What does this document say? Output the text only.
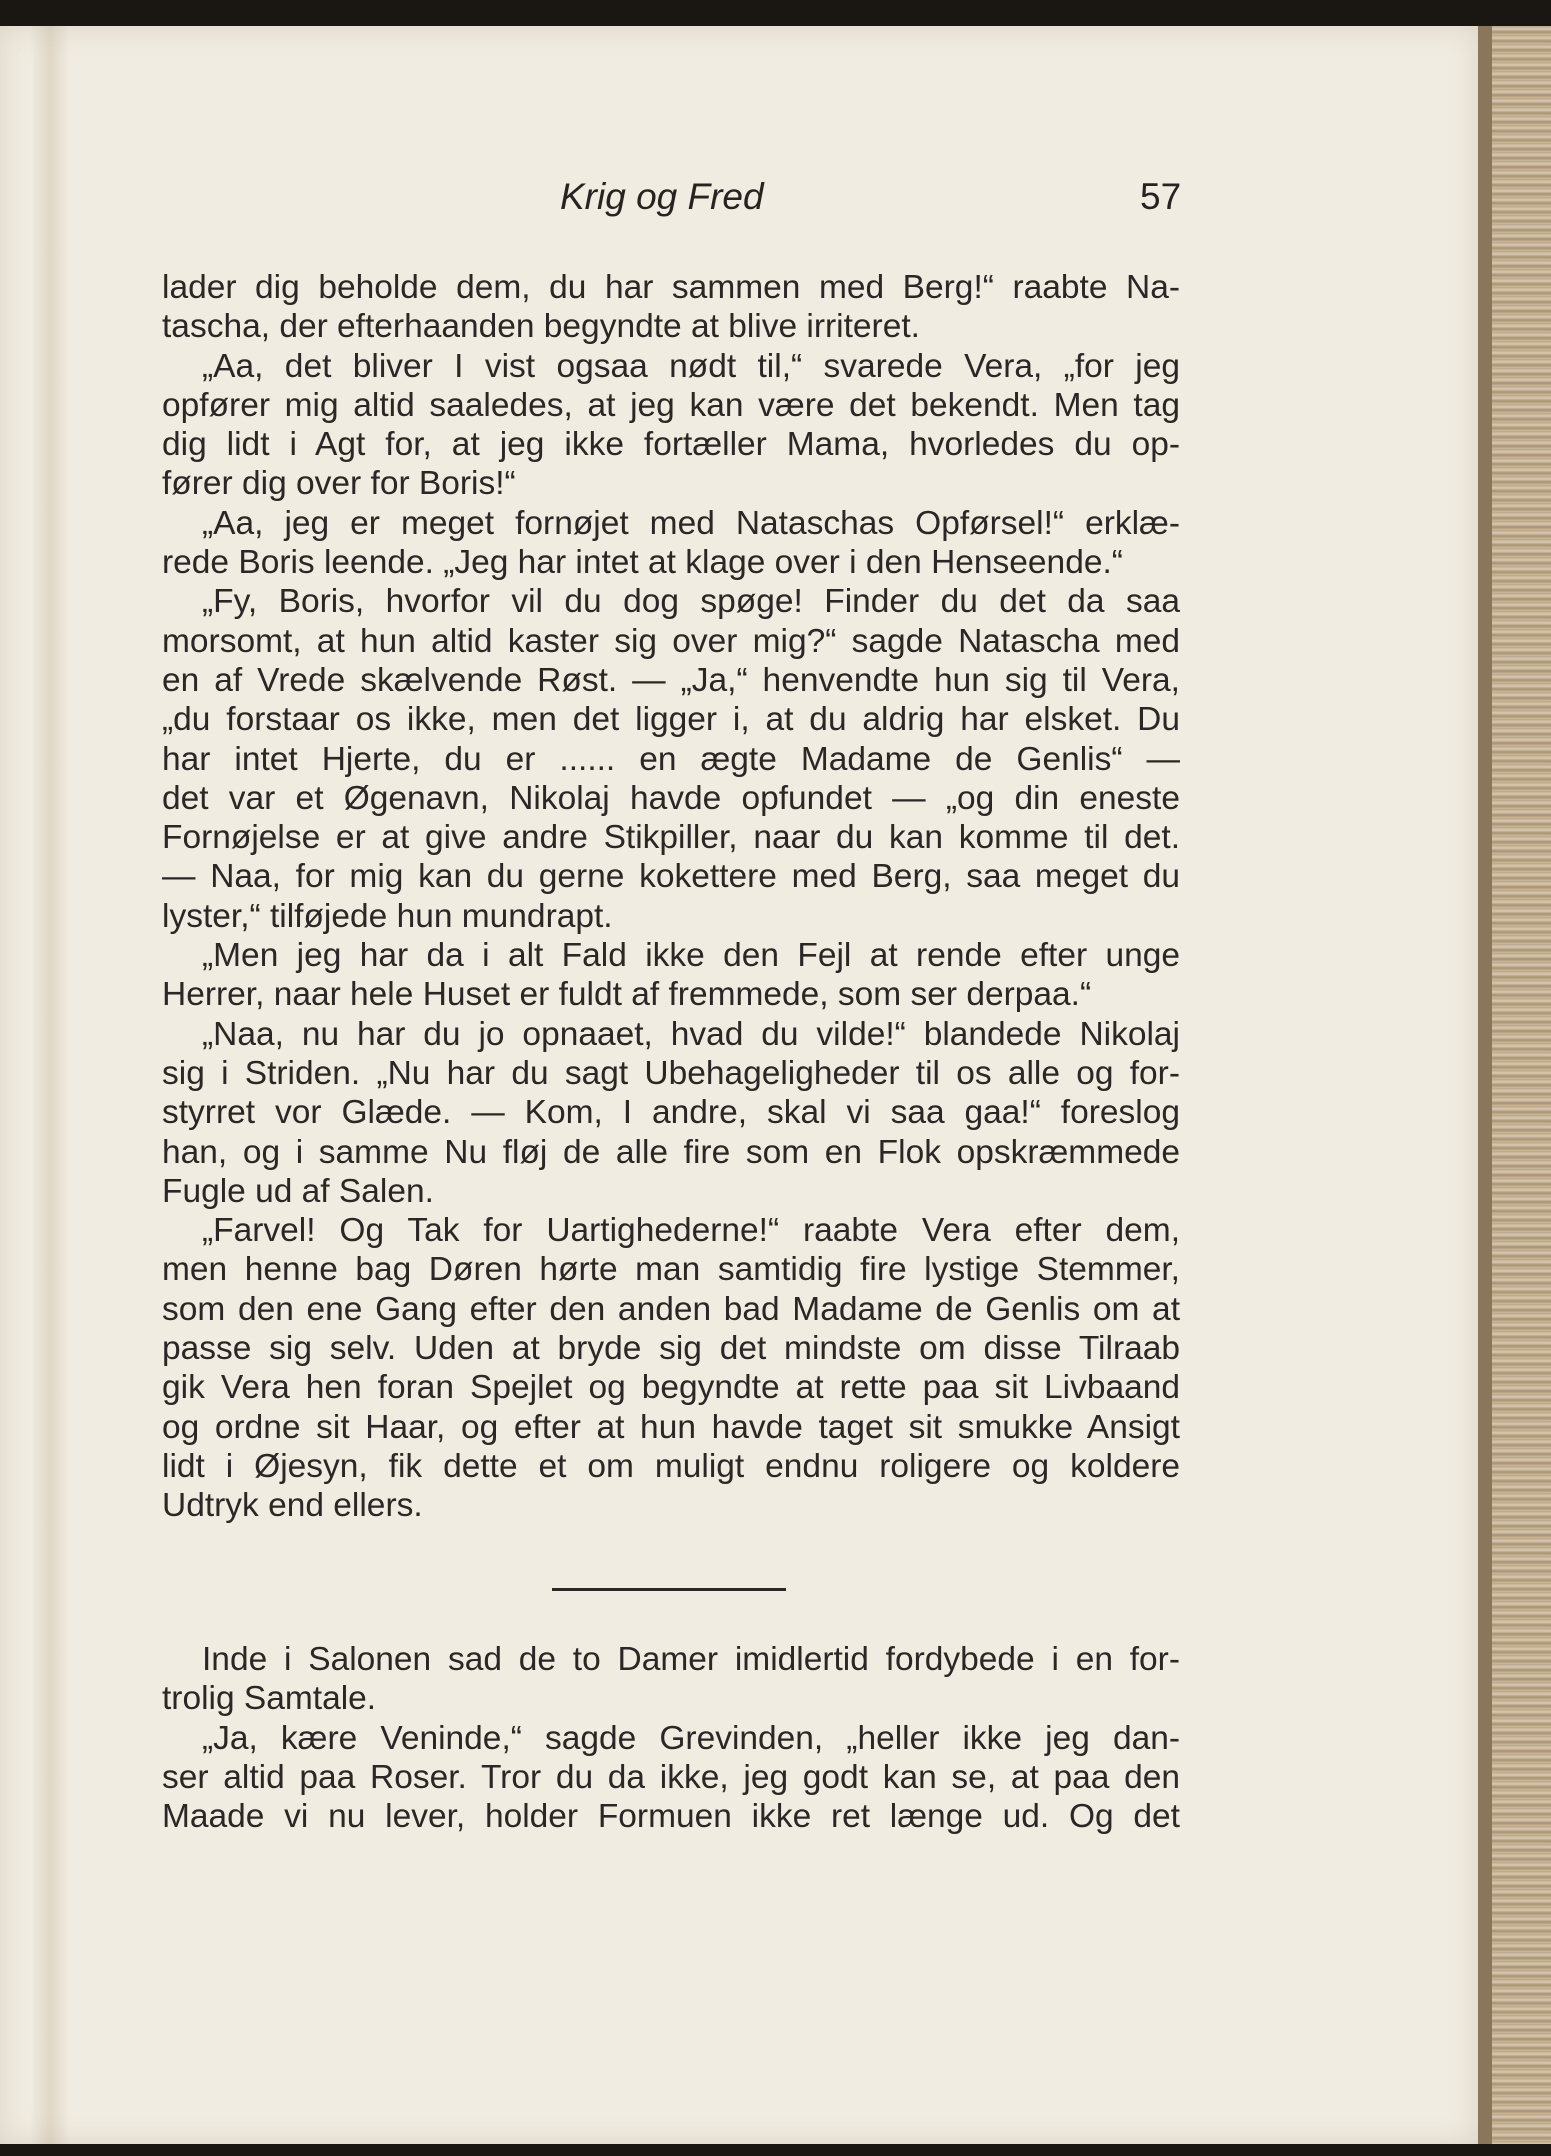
Krig og Fred	57
lader dig beholde dem, du har sammen med Berg!“ raabte Na-
tascha, der efterhaanden begyndte at blive irriteret.
„Aa, det bliver I vist ogsaa nødt til,“ svarede Vera, „for jeg
opfører mig altid saaledes, at jeg kan være det bekendt. Men tag
dig lidt i Agt for, at jeg ikke fortæller Mama, hvorledes du op-
fører dig over for Boris!“
„Aa, jeg er meget fornøjet med Nataschas Opførsel!“ erklæ-
rede Boris leende. „Jeg har intet at klage over i den Henseende.“
„Fy, Boris, hvorfor vil du dog spøge! Finder du det da saa
morsomt, at hun altid kaster sig over mig?“ sagde Natascha med
en af Vrede skælvende Røst. — „Ja,“ henvendte hun sig til Vera,
„du forstaar os ikke, men det ligger i, at du aldrig har elsket. Du
har intet Hjerte, du er ...... en ægte Madame de Genlis“ —
det var et Øgenavn, Nikolaj havde opfundet — „og din eneste
Fornøjelse er at give andre Stikpiller, naar du kan komme til det.
— Naa, for mig kan du gerne kokettere med Berg, saa meget du
lyster,“ tilføjede hun mundrapt.
„Men jeg har da i alt Fald ikke den Fejl at rende efter unge
Herrer, naar hele Huset er fuldt af fremmede, som ser derpaa.“
„Naa, nu har du jo opnaaet, hvad du vilde!“ blandede Nikolaj
sig i Striden. „Nu har du sagt Ubehageligheder til os alle og for-
styrret vor Glæde. — Kom, I andre, skal vi saa gaa!“ foreslog
han, og i samme Nu fløj de alle fire som en Flok opskræmmede
Fugle ud af Salen.
„Farvel! Og Tak for Uartighederne!“ raabte Vera efter dem,
men henne bag Døren hørte man samtidig fire lystige Stemmer,
som den ene Gang efter den anden bad Madame de Genlis om at
passe sig selv. Uden at bryde sig det mindste om disse Tilraab
gik Vera hen foran Spejlet og begyndte at rette paa sit Livbaand
og ordne sit Haar, og efter at hun havde taget sit smukke Ansigt
lidt i Øjesyn, fik dette et om muligt endnu roligere og koldere
Udtryk end ellers.
Inde i Salonen sad de to Damer imidlertid fordybede i en for-
trolig Samtale.
„Ja, kære Veninde,“ sagde Grevinden, „heller ikke jeg dan-
ser altid paa Roser. Tror du da ikke, jeg godt kan se, at paa den
Maade vi nu lever, holder Formuen ikke ret længe ud. Og det
